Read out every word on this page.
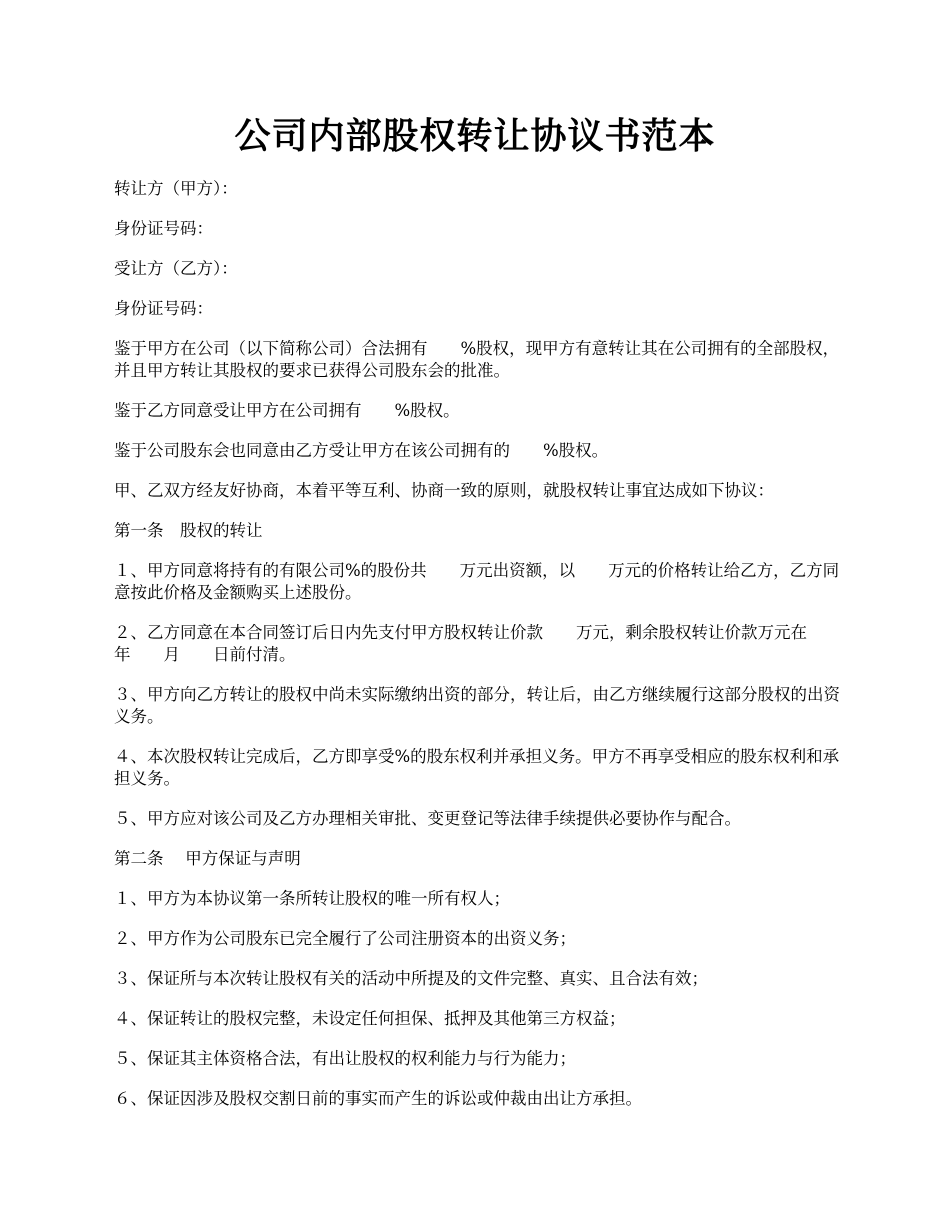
公司内部股权转让协议书范本

转让方（甲方）：

身份证号码：

受让方（乙方）：

身份证号码：

鉴于甲方在公司（以下简称公司）合法拥有　　%股权，现甲方有意转让其在公司拥有的全部股权，并且甲方转让其股权的要求已获得公司股东会的批准。

鉴于乙方同意受让甲方在公司拥有　　%股权。

鉴于公司股东会也同意由乙方受让甲方在该公司拥有的　　%股权。

甲、乙双方经友好协商，本着平等互利、协商一致的原则，就股权转让事宜达成如下协议：

第一条　股权的转让

１、甲方同意将持有的有限公司%的股份共　　万元出资额，以　　万元的价格转让给乙方，乙方同意按此价格及金额购买上述股份。

２、乙方同意在本合同签订后日内先支付甲方股权转让价款　　万元，剩余股权转让价款万元在　　年　　月　　日前付清。

３、甲方向乙方转让的股权中尚未实际缴纳出资的部分，转让后，由乙方继续履行这部分股权的出资义务。

４、本次股权转让完成后，乙方即享受%的股东权利并承担义务。甲方不再享受相应的股东权利和承担义务。

５、甲方应对该公司及乙方办理相关审批、变更登记等法律手续提供必要协作与配合。

第二条　 甲方保证与声明

１、甲方为本协议第一条所转让股权的唯一所有权人；

２、甲方作为公司股东已完全履行了公司注册资本的出资义务；

３、保证所与本次转让股权有关的活动中所提及的文件完整、真实、且合法有效；

４、保证转让的股权完整，未设定任何担保、抵押及其他第三方权益；

５、保证其主体资格合法，有出让股权的权利能力与行为能力；

６、保证因涉及股权交割日前的事实而产生的诉讼或仲裁由出让方承担。
